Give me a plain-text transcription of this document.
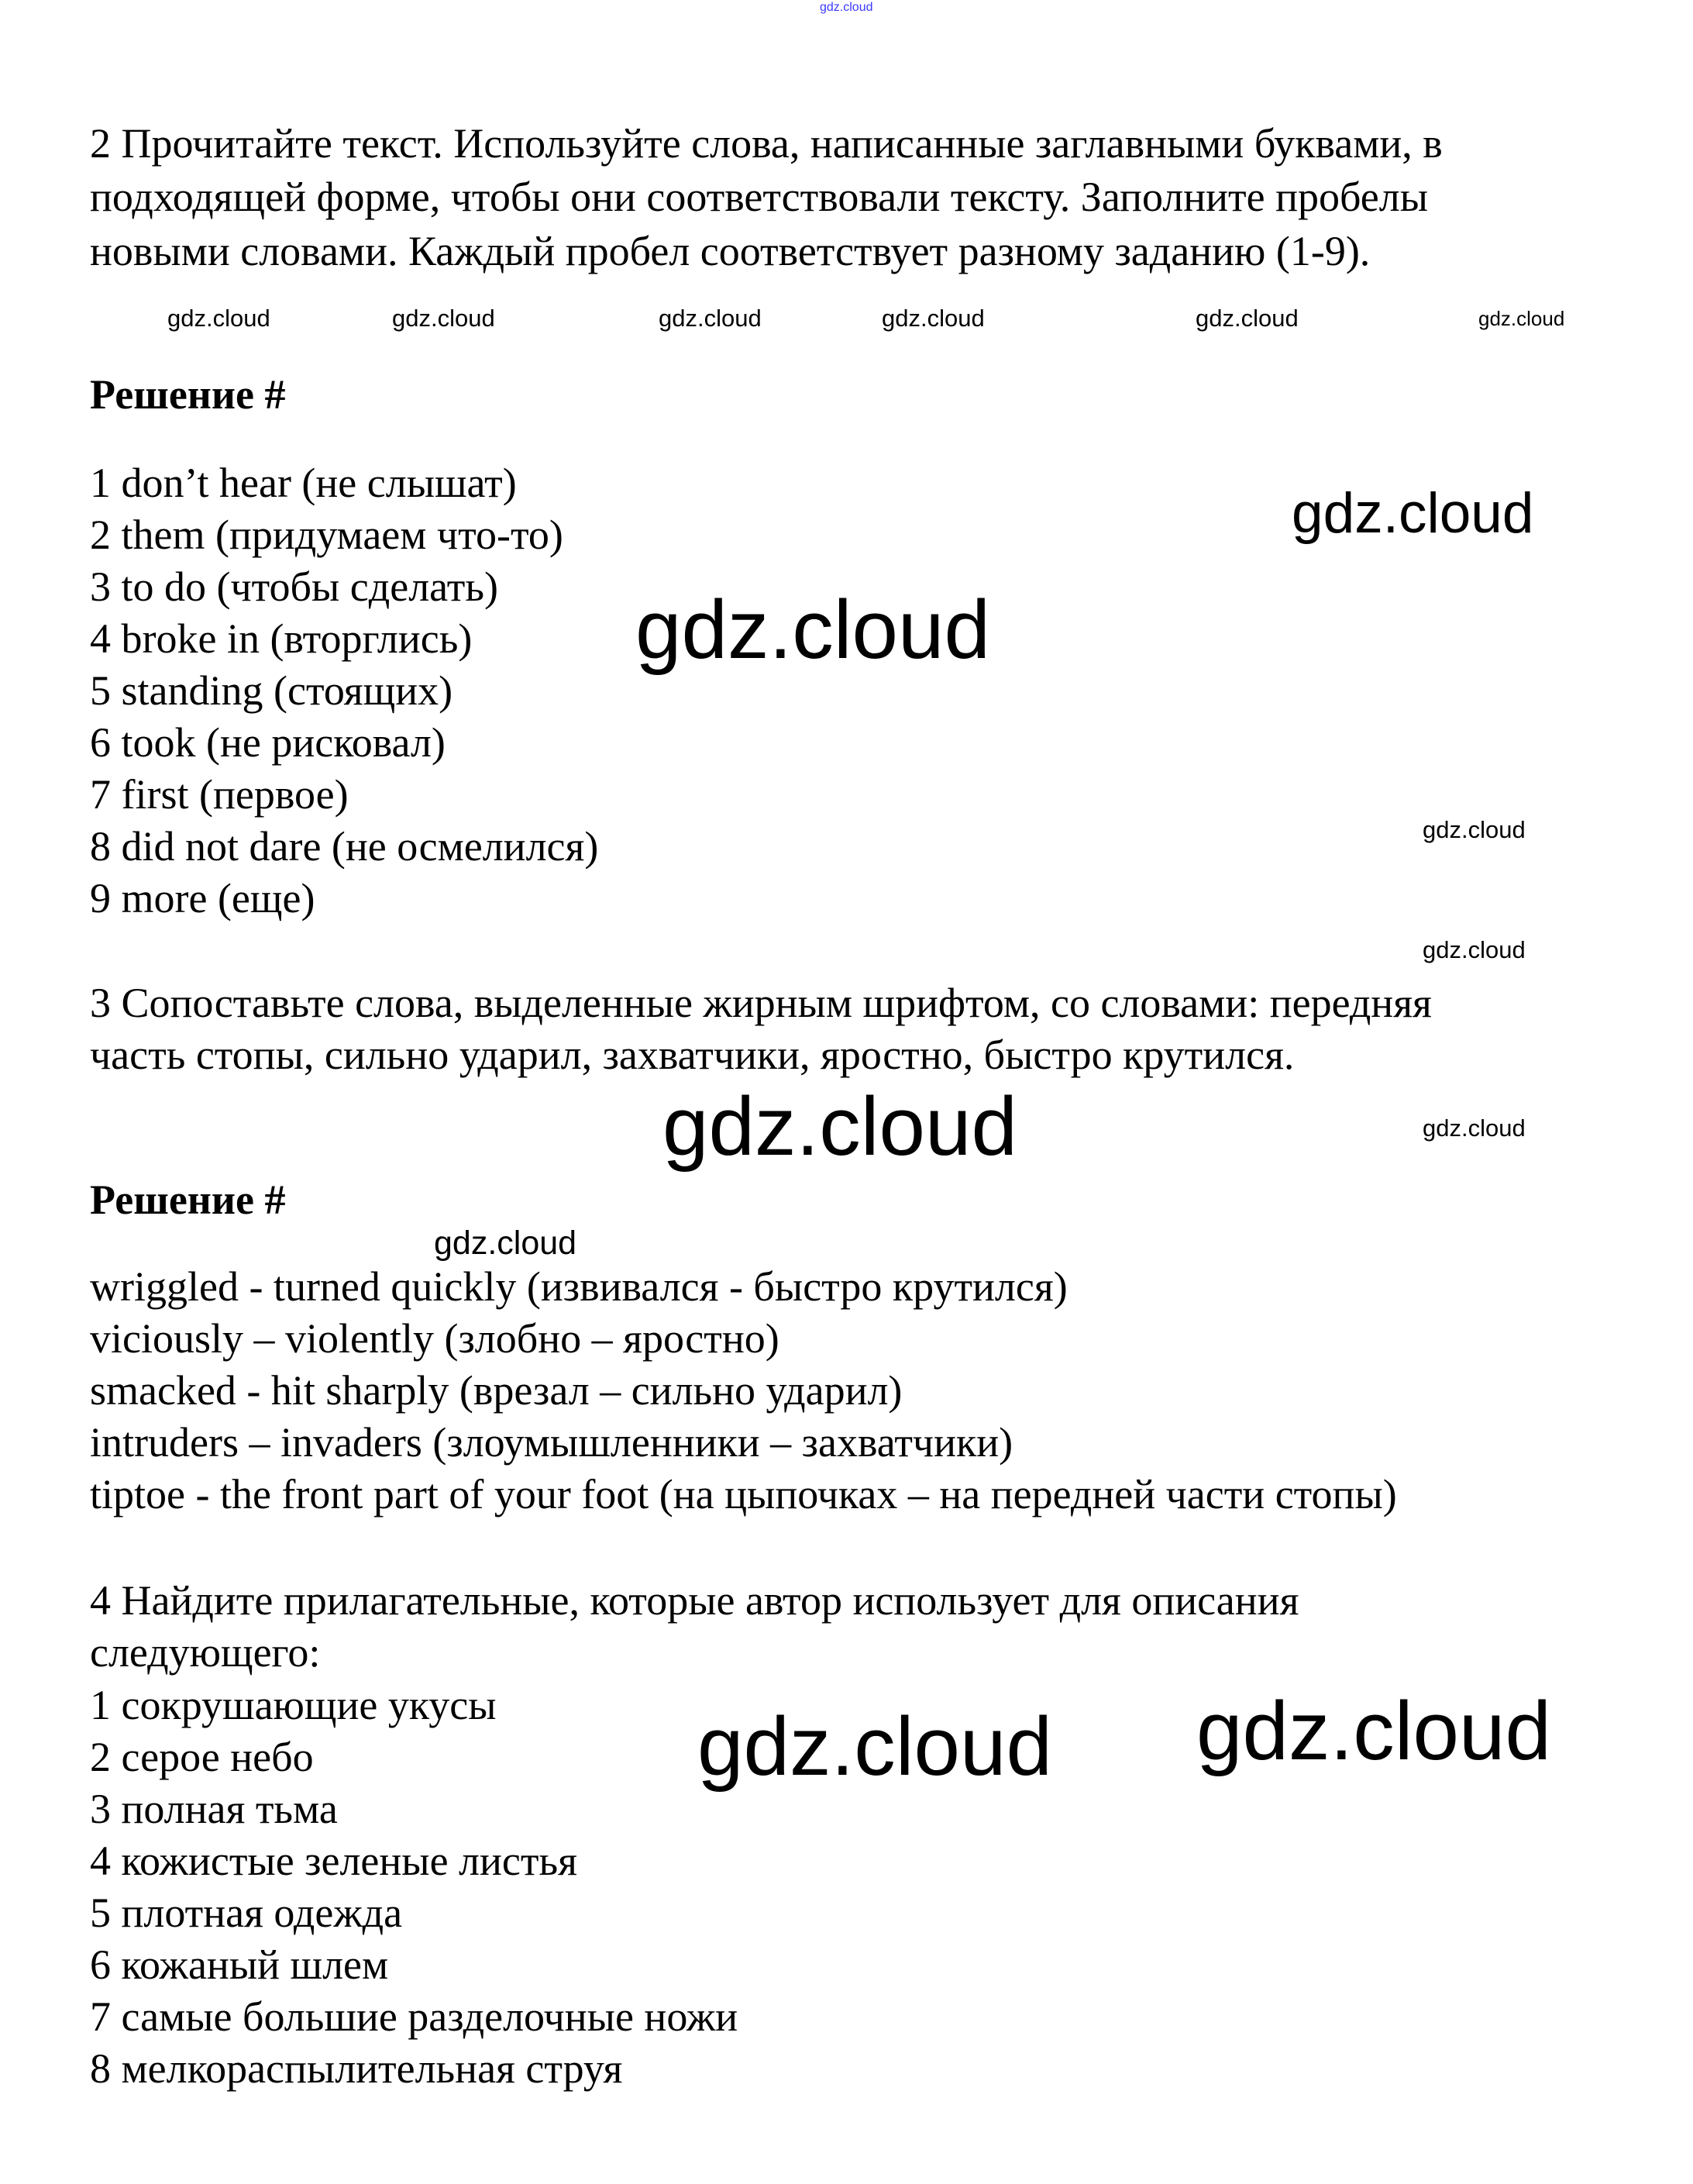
2 Прочитайте текст. Используйте слова, написанные заглавными буквами, в
подходящей форме, чтобы они соответствовали тексту. Заполните пробелы
новыми словами. Каждый пробел соответствует разному заданию (1-9).
Решение #
1 don’t hear (не слышат)
2 them (придумаем что-то)
3 to do (чтобы сделать)
4 broke in (вторглись)
5 standing (стоящих)
6 took (не рисковал)
7 first (первое)
8 did not dare (не осмелился)
9 more (еще)
3 Сопоставьте слова, выделенные жирным шрифтом, со словами: передняя
часть стопы, сильно ударил, захватчики, яростно, быстро крутился.
Решение #
wriggled - turned quickly (извивался - быстро крутился)
viciously – violently (злобно – яростно)
smacked - hit sharply (врезал – сильно ударил)
intruders – invaders (злоумышленники – захватчики)
tiptoe - the front part of your foot (на цыпочках – на передней части стопы)
4 Найдите прилагательные, которые автор использует для описания
следующего:
1 сокрушающие укусы
2 серое небо
3 полная тьма
4 кожистые зеленые листья
5 плотная одежда
6 кожаный шлем
7 самые большие разделочные ножи
8 мелкораспылительная струя
gdz.cloud
gdz.cloud	gdz.cloud	gdz.cloud	gdz.cloud	gdz.cloud	gdz.cloud
gdz.cloud
gdz.cloud
gdz.cloud
gdz.cloud
gdz.cloud	gdz.cloud
gdz.cloud
gdz.cloud
gdz.cloud
